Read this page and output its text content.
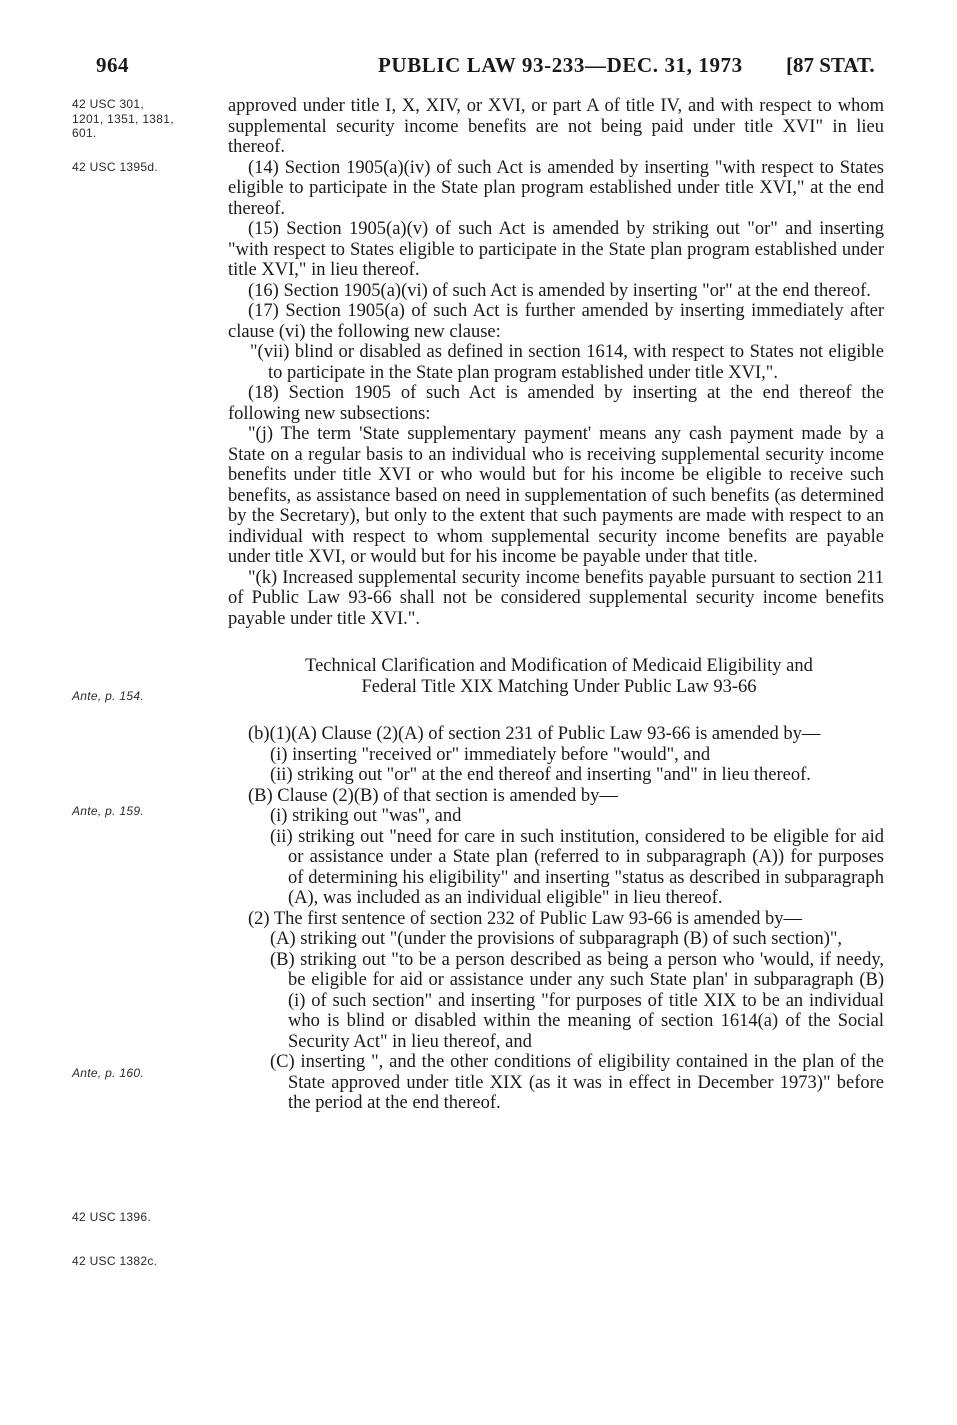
964	PUBLIC LAW 93-233—DEC. 31, 1973 [87 STAT.
42 USC 301,
1201, 1351, 1381,
601.
42 USC 1395d.
Ante, p. 154.
Ante, p. 159.
Ante, p. 160.
42 USC 1396.
42 USC 1382c.

approved under title I, X, XIV, or XVI, or part A of title IV, and with respect to whom supplemental security income benefits are not being paid under title XVI" in lieu thereof.

(14) Section 1905(a)(iv) of such Act is amended by inserting "with respect to States eligible to participate in the State plan program established under title XVI," at the end thereof.

(15) Section 1905(a)(v) of such Act is amended by striking out "or" and inserting "with respect to States eligible to participate in the State plan program established under title XVI," in lieu thereof.

(16) Section 1905(a)(vi) of such Act is amended by inserting "or" at the end thereof.

(17) Section 1905(a) of such Act is further amended by inserting immediately after clause (vi) the following new clause:

"(vii) blind or disabled as defined in section 1614, with respect to States not eligible to participate in the State plan program established under title XVI,".

(18) Section 1905 of such Act is amended by inserting at the end thereof the following new subsections:

"(j) The term 'State supplementary payment' means any cash payment made by a State on a regular basis to an individual who is receiving supplemental security income benefits under title XVI or who would but for his income be eligible to receive such benefits, as assistance based on need in supplementation of such benefits (as determined by the Secretary), but only to the extent that such payments are made with respect to an individual with respect to whom supplemental security income benefits are payable under title XVI, or would but for his income be payable under that title.

"(k) Increased supplemental security income benefits payable pursuant to section 211 of Public Law 93-66 shall not be considered supplemental security income benefits payable under title XVI.".

Technical Clarification and Modification of Medicaid Eligibility and
Federal Title XIX Matching Under Public Law 93-66

(b)(1)(A) Clause (2)(A) of section 231 of Public Law 93-66 is amended by—

(i) inserting "received or" immediately before "would", and

(ii) striking out "or" at the end thereof and inserting "and" in lieu thereof.

(B) Clause (2)(B) of that section is amended by—

(i) striking out "was", and

(ii) striking out "need for care in such institution, considered to be eligible for aid or assistance under a State plan (referred to in subparagraph (A)) for purposes of determining his eligibility" and inserting "status as described in subparagraph (A), was included as an individual eligible" in lieu thereof.

(2) The first sentence of section 232 of Public Law 93-66 is amended by—

(A) striking out "(under the provisions of subparagraph (B) of such section)",

(B) striking out "to be a person described as being a person who 'would, if needy, be eligible for aid or assistance under any such State plan' in subparagraph (B)(i) of such section" and inserting "for purposes of title XIX to be an individual who is blind or disabled within the meaning of section 1614(a) of the Social Security Act" in lieu thereof, and

(C) inserting ", and the other conditions of eligibility contained in the plan of the State approved under title XIX (as it was in effect in December 1973)" before the period at the end thereof.
